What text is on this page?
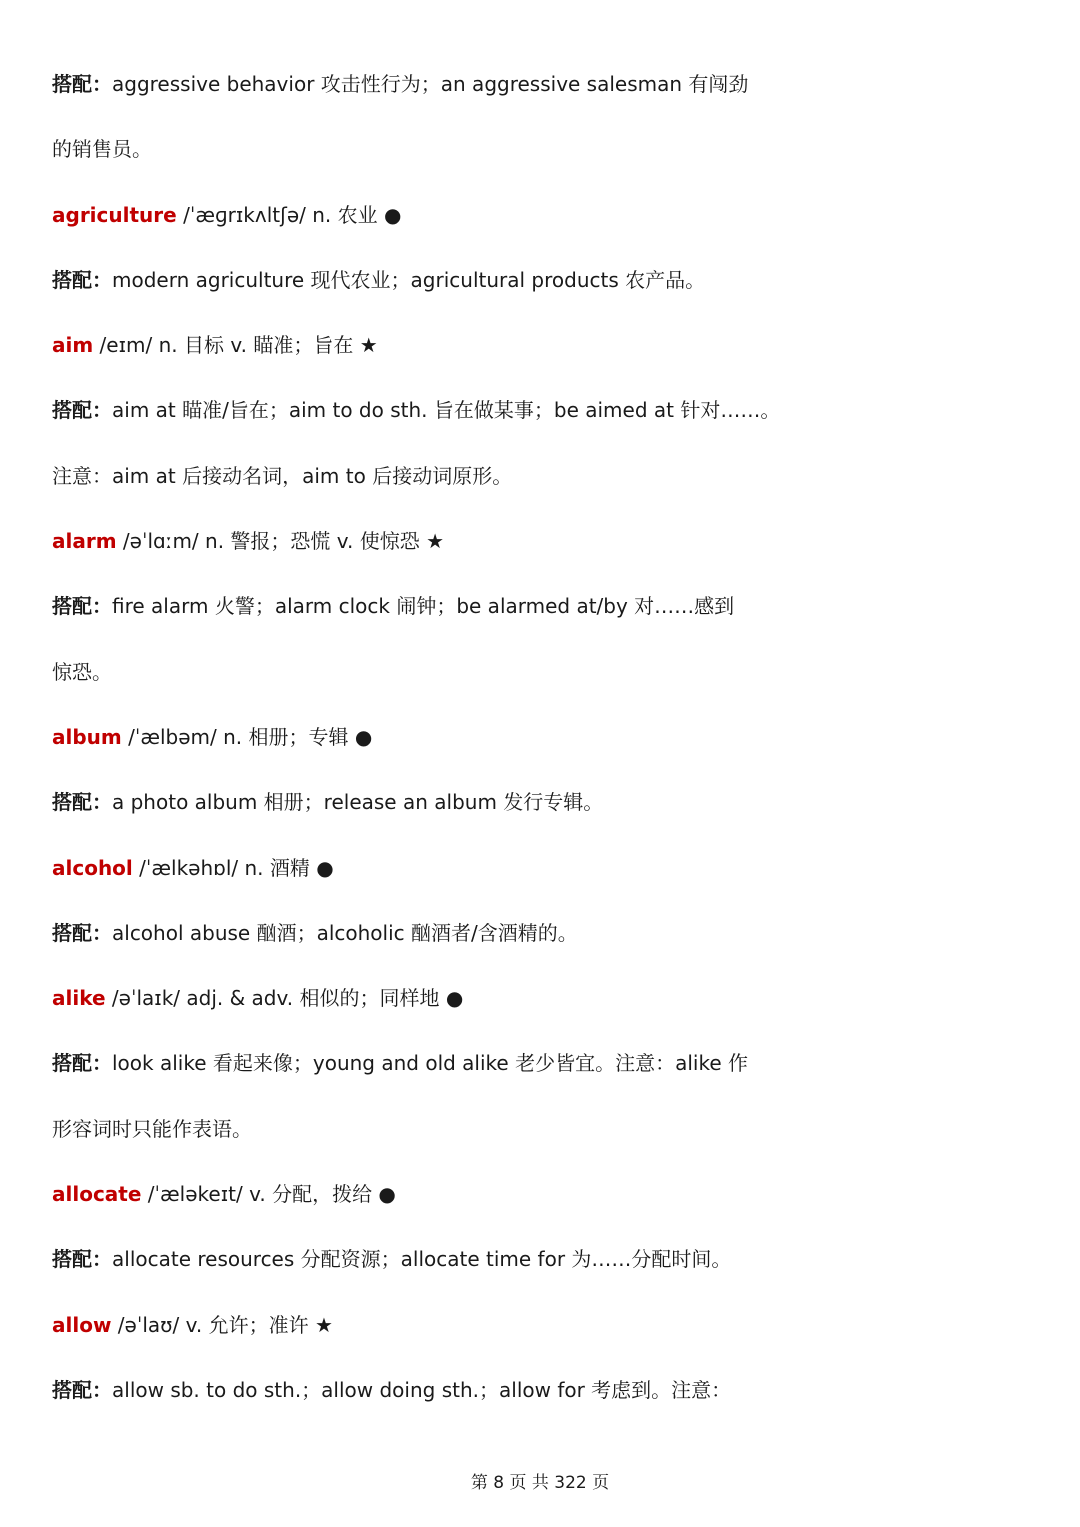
搭配：aggressive behavior 攻击性行为；an aggressive salesman 有闯劲
的销售员。
agriculture /ˈæɡrɪkʌltʃə/ n. 农业 ●
搭配：modern agriculture 现代农业；agricultural products 农产品。
aim /eɪm/ n. 目标 v. 瞄准；旨在 ★
搭配：aim at 瞄准/旨在；aim to do sth. 旨在做某事；be aimed at 针对……。
注意：aim at 后接动名词，aim to 后接动词原形。
alarm /əˈlɑːm/ n. 警报；恐慌 v. 使惊恐 ★
搭配：fire alarm 火警；alarm clock 闹钟；be alarmed at/by 对……感到
惊恐。
album /ˈælbəm/ n. 相册；专辑 ●
搭配：a photo album 相册；release an album 发行专辑。
alcohol /ˈælkəhɒl/ n. 酒精 ●
搭配：alcohol abuse 酗酒；alcoholic 酗酒者/含酒精的。
alike /əˈlaɪk/ adj. & adv. 相似的；同样地 ●
搭配：look alike 看起来像；young and old alike 老少皆宜。注意：alike 作
形容词时只能作表语。
allocate /ˈæləkeɪt/ v. 分配，拨给 ●
搭配：allocate resources 分配资源；allocate time for 为……分配时间。
allow /əˈlaʊ/ v. 允许；准许 ★
搭配：allow sb. to do sth.；allow doing sth.；allow for 考虑到。注意：
第 8 页 共 322 页
